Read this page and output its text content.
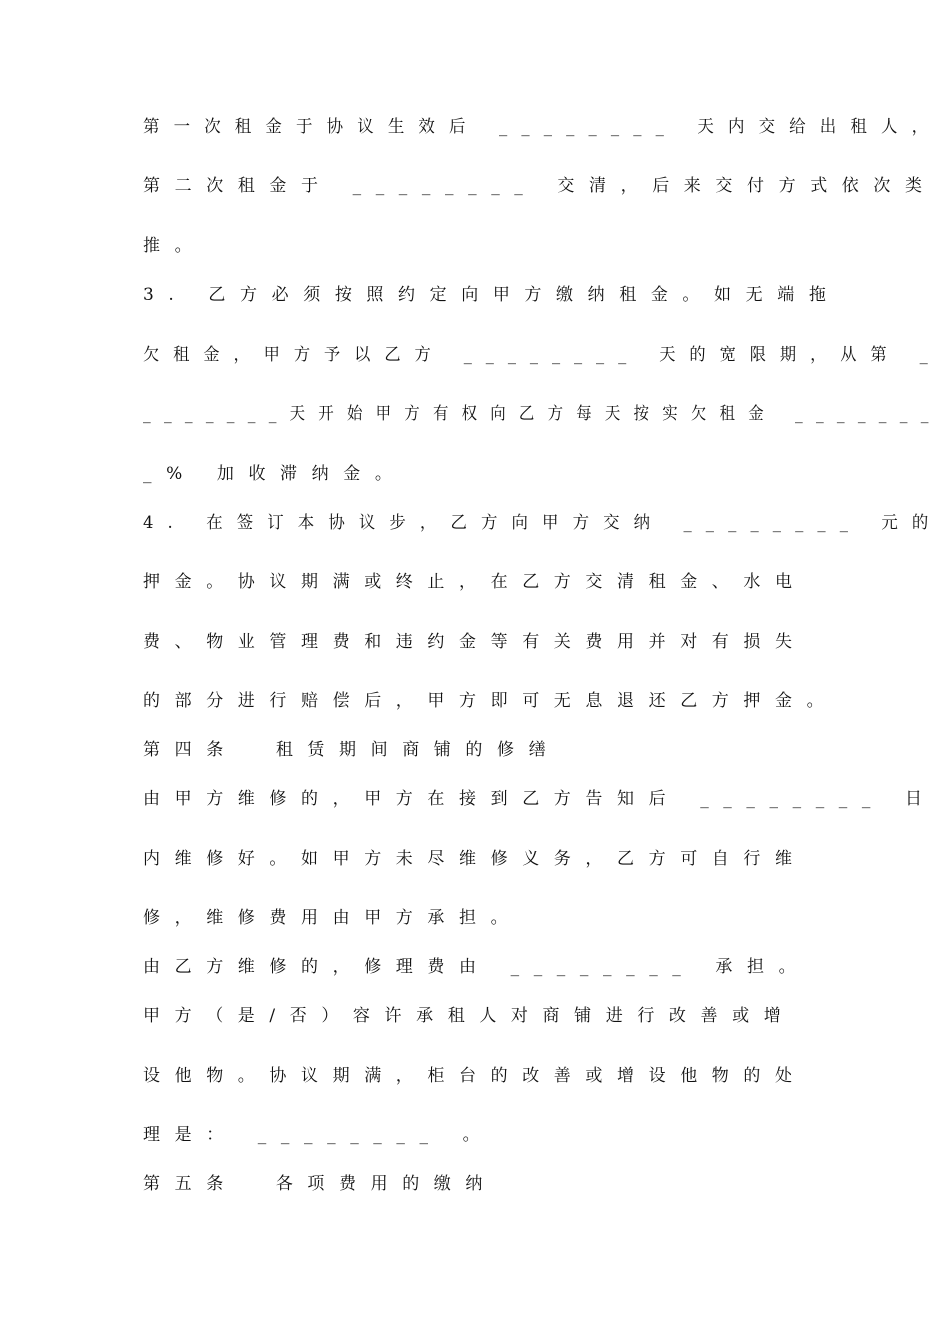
第一次租金于协议生效后 ________ 天内交给出租人，
第二次租金于 ________ 交清，后来交付方式依次类
推。
3. 乙方必须按照约定向甲方缴纳租金。如无端拖
欠租金，甲方予以乙方 ________ 天的宽限期，从第 _
_______天开始甲方有权向乙方每天按实欠租金 _______
_% 加收滞纳金。
4. 在签订本协议步，乙方向甲方交纳 ________ 元的
押金。协议期满或终止，在乙方交清租金、水电
费、物业管理费和违约金等有关费用并对有损失
的部分进行赔偿后，甲方即可无息退还乙方押金。
第四条 租赁期间商铺的修缮
由甲方维修的，甲方在接到乙方告知后 ________ 日
内维修好。如甲方未尽维修义务，乙方可自行维
修，维修费用由甲方承担。
由乙方维修的，修理费由 ________ 承担。
甲方（是/否）容许承租人对商铺进行改善或增
设他物。协议期满，柜台的改善或增设他物的处
理是： ________ 。
第五条 各项费用的缴纳
